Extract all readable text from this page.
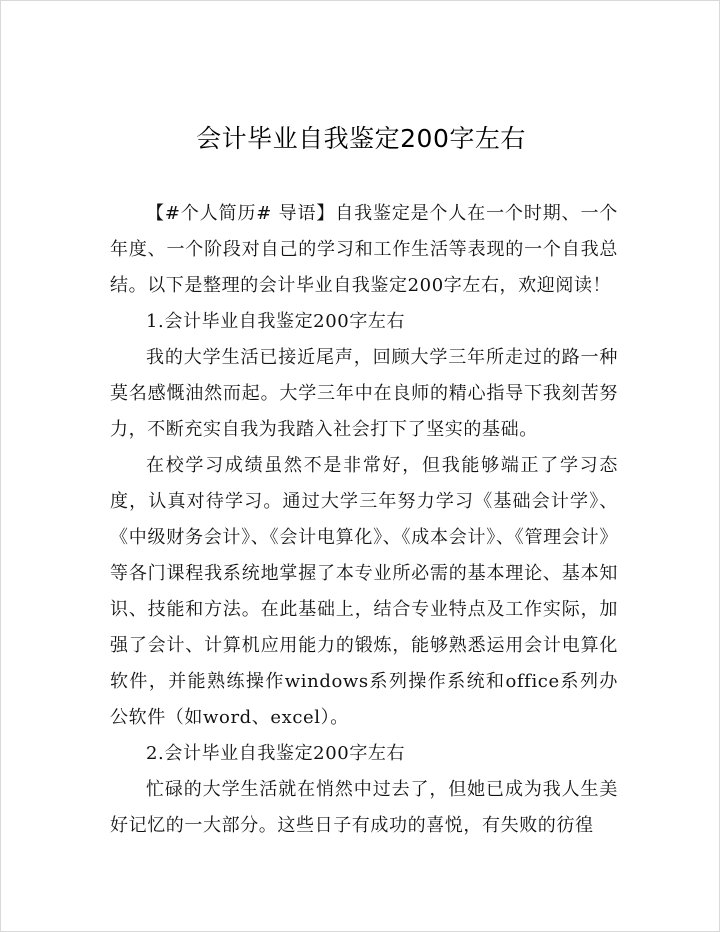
会计毕业自我鉴定200字左右

【#个人简历# 导语】自我鉴定是个人在一个时期、一个年度、一个阶段对自己的学习和工作生活等表现的一个自我总结。以下是整理的会计毕业自我鉴定200字左右，欢迎阅读！

1.会计毕业自我鉴定200字左右

我的大学生活已接近尾声，回顾大学三年所走过的路一种莫名感慨油然而起。大学三年中在良师的精心指导下我刻苦努力，不断充实自我为我踏入社会打下了坚实的基础。

在校学习成绩虽然不是非常好，但我能够端正了学习态度，认真对待学习。通过大学三年努力学习《基础会计学》、《中级财务会计》、《会计电算化》、《成本会计》、《管理会计》等各门课程我系统地掌握了本专业所必需的基本理论、基本知识、技能和方法。在此基础上，结合专业特点及工作实际，加强了会计、计算机应用能力的锻炼，能够熟悉运用会计电算化软件，并能熟练操作windows系列操作系统和office系列办公软件（如word、excel）。

2.会计毕业自我鉴定200字左右

忙碌的大学生活就在悄然中过去了，但她已成为我人生美好记忆的一大部分。这些日子有成功的喜悦，有失败的彷徨
